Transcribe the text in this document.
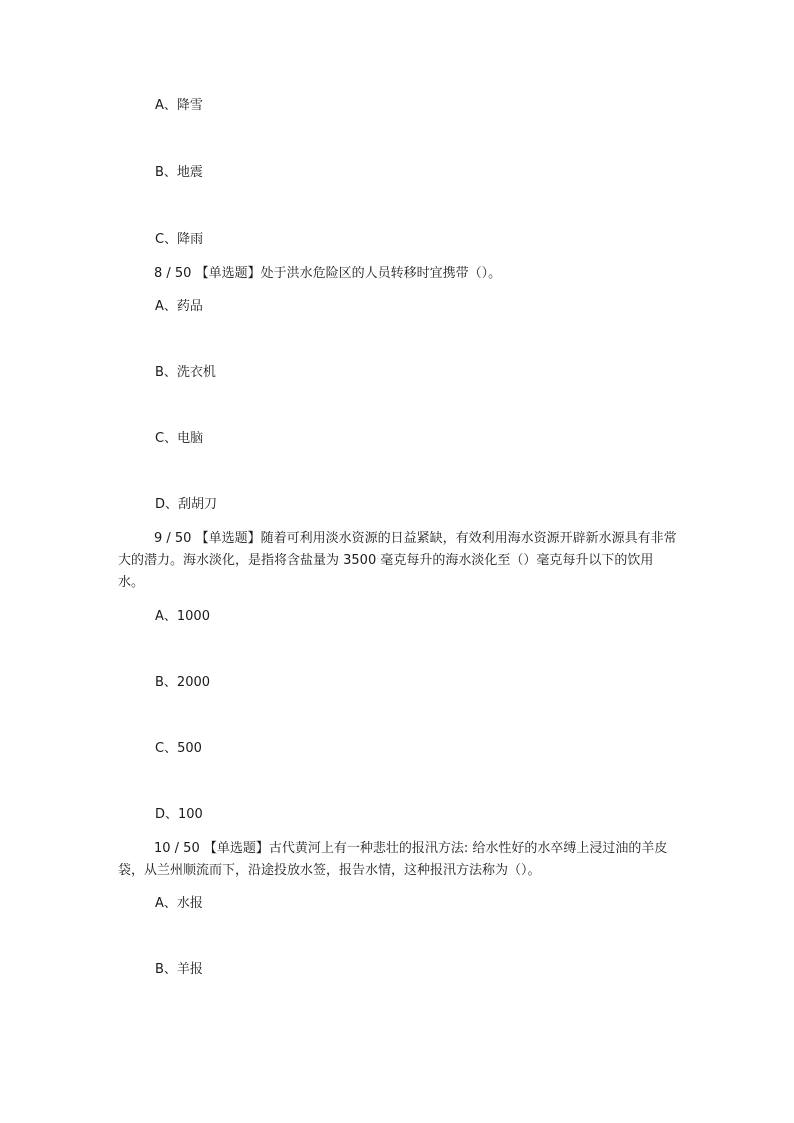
A、降雪
B、地震
C、降雨
8 / 50 【单选题】处于洪水危险区的人员转移时宜携带（）。
A、药品
B、洗衣机
C、电脑
D、刮胡刀
9 / 50 【单选题】随着可利用淡水资源的日益紧缺，有效利用海水资源开辟新水源具有非常大的潜力。海水淡化，是指将含盐量为 3500 毫克每升的海水淡化至（）毫克每升以下的饮用水。
A、1000
B、2000
C、500
D、100
10 / 50 【单选题】古代黄河上有一种悲壮的报汛方法: 给水性好的水卒缚上浸过油的羊皮袋，从兰州顺流而下，沿途投放水签，报告水情，这种报汛方法称为（）。
A、水报
B、羊报
